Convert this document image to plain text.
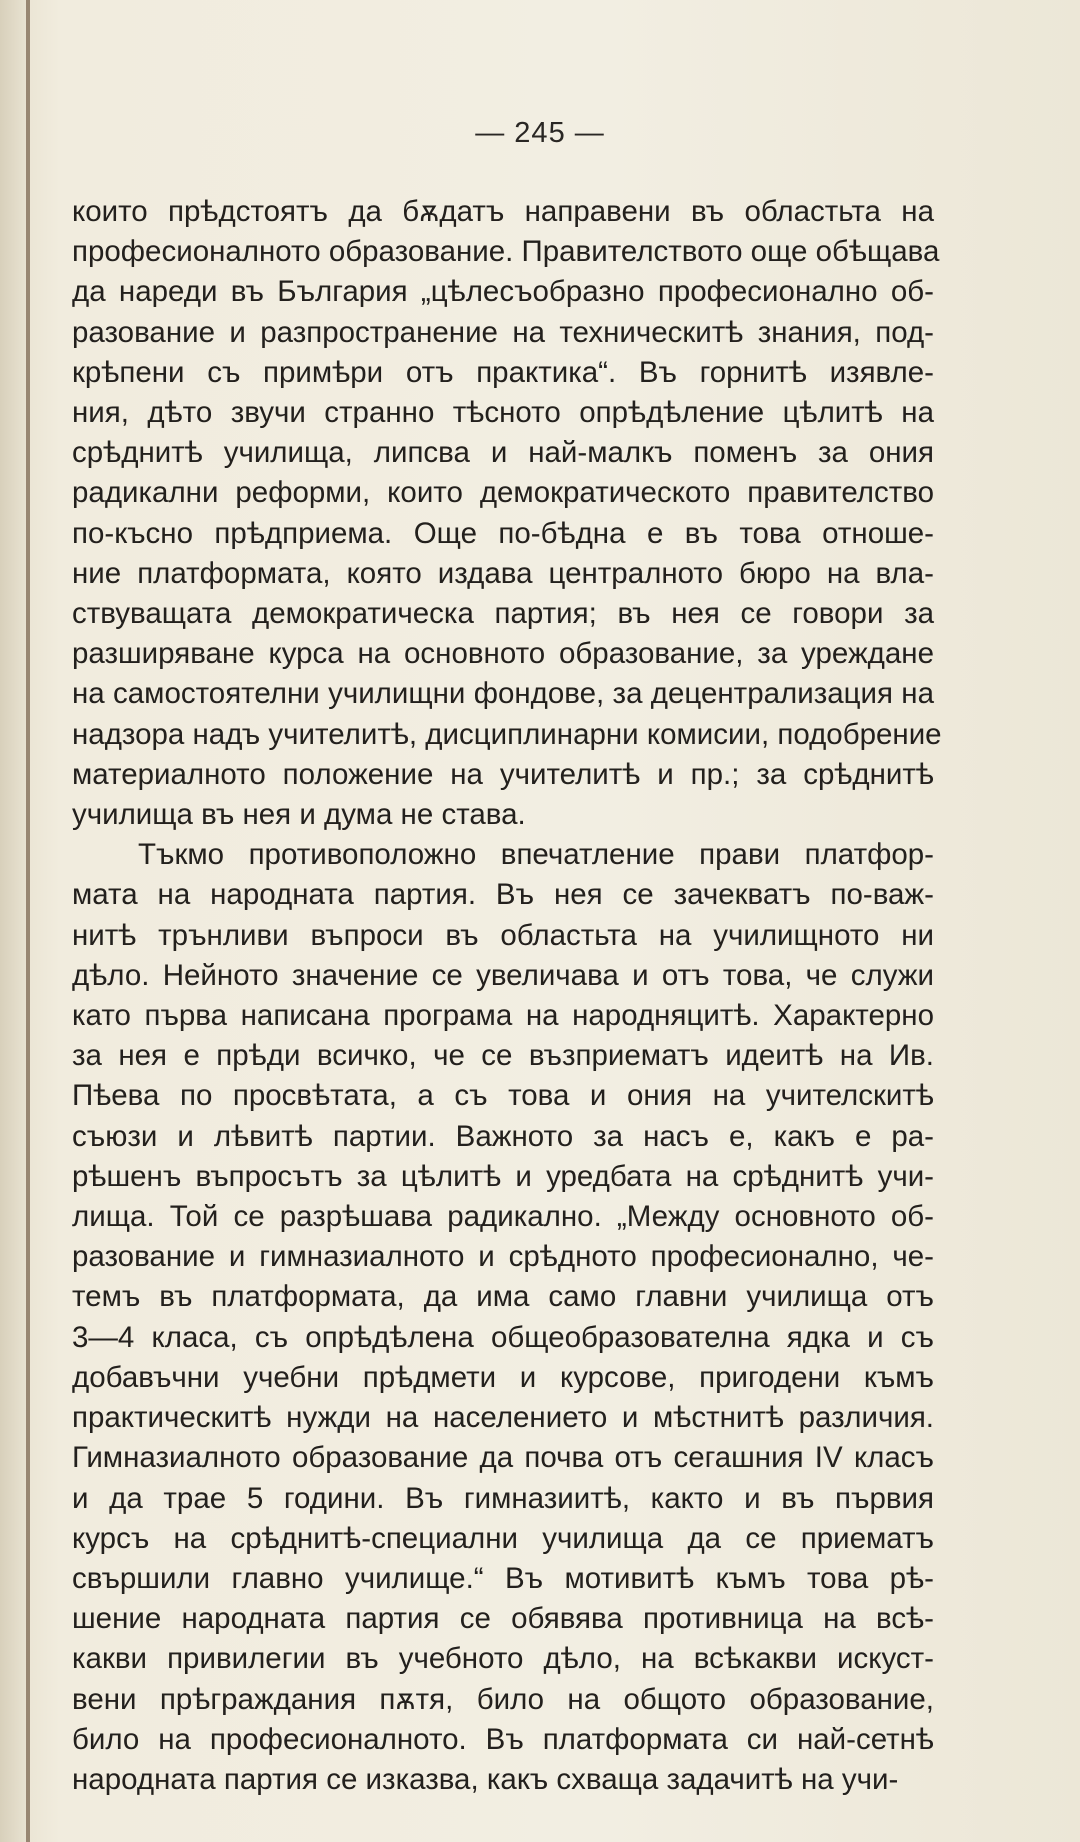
— 245 —

които прѣдстоятъ да бѫдатъ направени въ областьта на
професионалното образование. Правителството още обѣщава
да нареди въ България „цѣлесъобразно професионално об-
разование и разпространение на техническитѣ знания, под-
крѣпени съ примѣри отъ практика“. Въ горнитѣ изявле-
ния, дѣто звучи странно тѣсното опрѣдѣление цѣлитѣ на
срѣднитѣ училища, липсва и най-малкъ поменъ за ония
радикални реформи, които демократическото правителство
по-късно прѣдприема. Още по-бѣдна е въ това отноше-
ние платформата, която издава централното бюро на вла-
ствуващата демократическа партия; въ нея се говори за
разширяване курса на основното образование, за уреждане
на самостоятелни училищни фондове, за децентрализация на
надзора надъ учителитѣ, дисциплинарни комисии, подобрение
материалното положение на учителитѣ и пр.; за срѣднитѣ
училища въ нея и дума не става.

Тъкмо противоположно впечатление прави платфор-
мата на народната партия. Въ нея се зачекватъ по-важ-
нитѣ трънливи въпроси въ областьта на училищното ни
дѣло. Нейното значение се увеличава и отъ това, че служи
като първа написана програма на народняцитѣ. Характерно
за нея е прѣди всичко, че се възприематъ идеитѣ на Ив.
Пѣева по просвѣтата, а съ това и ония на учителскитѣ
съюзи и лѣвитѣ партии. Важното за насъ е, какъ е ра-
рѣшенъ въпросътъ за цѣлитѣ и уредбата на срѣднитѣ учи-
лища. Той се разрѣшава радикално. „Между основното об-
разование и гимназиалното и срѣдното професионално, че-
темъ въ платформата, да има само главни училища отъ
3—4 класа, съ опрѣдѣлена общеобразователна ядка и съ
добавъчни учебни прѣдмети и курсове, пригодени къмъ
практическитѣ нужди на населението и мѣстнитѣ различия.
Гимназиалното образование да почва отъ сегашния IV класъ
и да трае 5 години. Въ гимназиитѣ, както и въ първия
курсъ на срѣднитѣ-специални училища да се приематъ
свършили главно училище.“ Въ мотивитѣ къмъ това рѣ-
шение народната партия се обявява противница на всѣ-
какви привилегии въ учебното дѣло, на всѣкакви искуст-
вени прѣграждания пѫтя, било на общото образование,
било на професионалното. Въ платформата си най-сетнѣ
народната партия се изказва, какъ схваща задачитѣ на учи-
